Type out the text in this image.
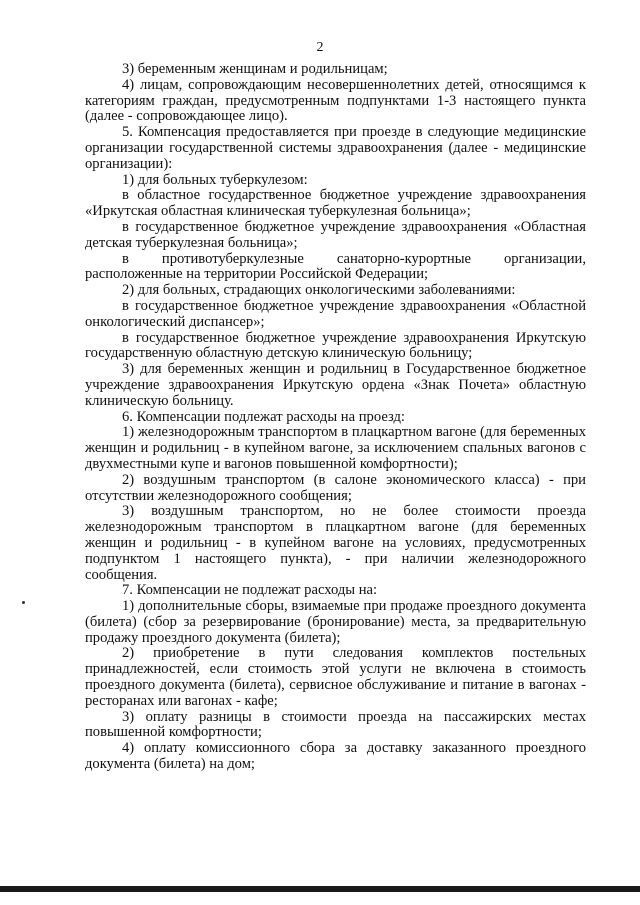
2

3) беременным женщинам и родильницам;

4) лицам, сопровождающим несовершеннолетних детей, относящимся к категориям граждан, предусмотренным подпунктами 1-3 настоящего пункта (далее - сопровождающее лицо).

5. Компенсация предоставляется при проезде в следующие медицинские организации государственной системы здравоохранения (далее - медицинские организации):

1) для больных туберкулезом:

в областное государственное бюджетное учреждение здравоохранения «Иркутская областная клиническая туберкулезная больница»;

в государственное бюджетное учреждение здравоохранения «Областная детская туберкулезная больница»;

в противотуберкулезные санаторно-курортные организации, расположенные на территории Российской Федерации;

2) для больных, страдающих онкологическими заболеваниями:

в государственное бюджетное учреждение здравоохранения «Областной онкологический диспансер»;

в государственное бюджетное учреждение здравоохранения Иркутскую государственную областную детскую клиническую больницу;

3) для беременных женщин и родильниц в Государственное бюджетное учреждение здравоохранения Иркутскую ордена «Знак Почета» областную клиническую больницу.

6. Компенсации подлежат расходы на проезд:

1) железнодорожным транспортом в плацкартном вагоне (для беременных женщин и родильниц - в купейном вагоне, за исключением спальных вагонов с двухместными купе и вагонов повышенной комфортности);

2) воздушным транспортом (в салоне экономического класса) - при отсутствии железнодорожного сообщения;

3) воздушным транспортом, но не более стоимости проезда железнодорожным транспортом в плацкартном вагоне (для беременных женщин и родильниц - в купейном вагоне на условиях, предусмотренных подпунктом 1 настоящего пункта), - при наличии железнодорожного сообщения.

7. Компенсации не подлежат расходы на:

1) дополнительные сборы, взимаемые при продаже проездного документа (билета) (сбор за резервирование (бронирование) места, за предварительную продажу проездного документа (билета);

2) приобретение в пути следования комплектов постельных принадлежностей, если стоимость этой услуги не включена в стоимость проездного документа (билета), сервисное обслуживание и питание в вагонах - ресторанах или вагонах - кафе;

3) оплату разницы в стоимости проезда на пассажирских местах повышенной комфортности;

4) оплату комиссионного сбора за доставку заказанного проездного документа (билета) на дом;
